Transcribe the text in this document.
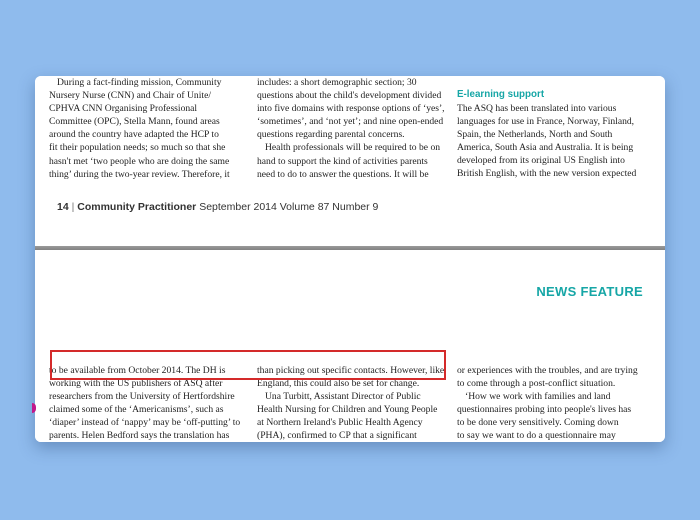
During a fact-finding mission, Community
Nursery Nurse (CNN) and Chair of Unite/
CPHVA CNN Organising Professional
Committee (OPC), Stella Mann, found areas
around the country have adapted the HCP to
fit their population needs; so much so that she
hasn't met ‘two people who are doing the same
thing’ during the two-year review. Therefore, it

includes: a short demographic section; 30
questions about the child's development divided
into five domains with response options of ‘yes’,
‘sometimes’, and ‘not yet’; and nine open-ended
questions regarding parental concerns.

Health professionals will be required to be on
hand to support the kind of activities parents
need to do to answer the questions. It will be

E-learning support

The ASQ has been translated into various
languages for use in France, Norway, Finland,
Spain, the Netherlands, North and South
America, South Asia and Australia. It is being
developed from its original US English into
British English, with the new version expected

14 | Community Practitioner September 2014 Volume 87 Number 9
NEWS FEATURE

to be available from October 2014. The DH is
working with the US publishers of ASQ after
researchers from the University of Hertfordshire
claimed some of the ‘Americanisms’, such as
‘diaper’ instead of ‘nappy’ may be ‘off-putting’ to
parents. Helen Bedford says the translation has

than picking out specific contacts. However, like
England, this could also be set for change.

Una Turbitt, Assistant Director of Public
Health Nursing for Children and Young People
at Northern Ireland's Public Health Agency
(PHA), confirmed to CP that a significant

or experiences with the troubles, and are trying
to come through a post-conflict situation.

‘How we work with families and land
questionnaires probing into people's lives has
to be done very sensitively. Coming down
to say we want to do a questionnaire may
